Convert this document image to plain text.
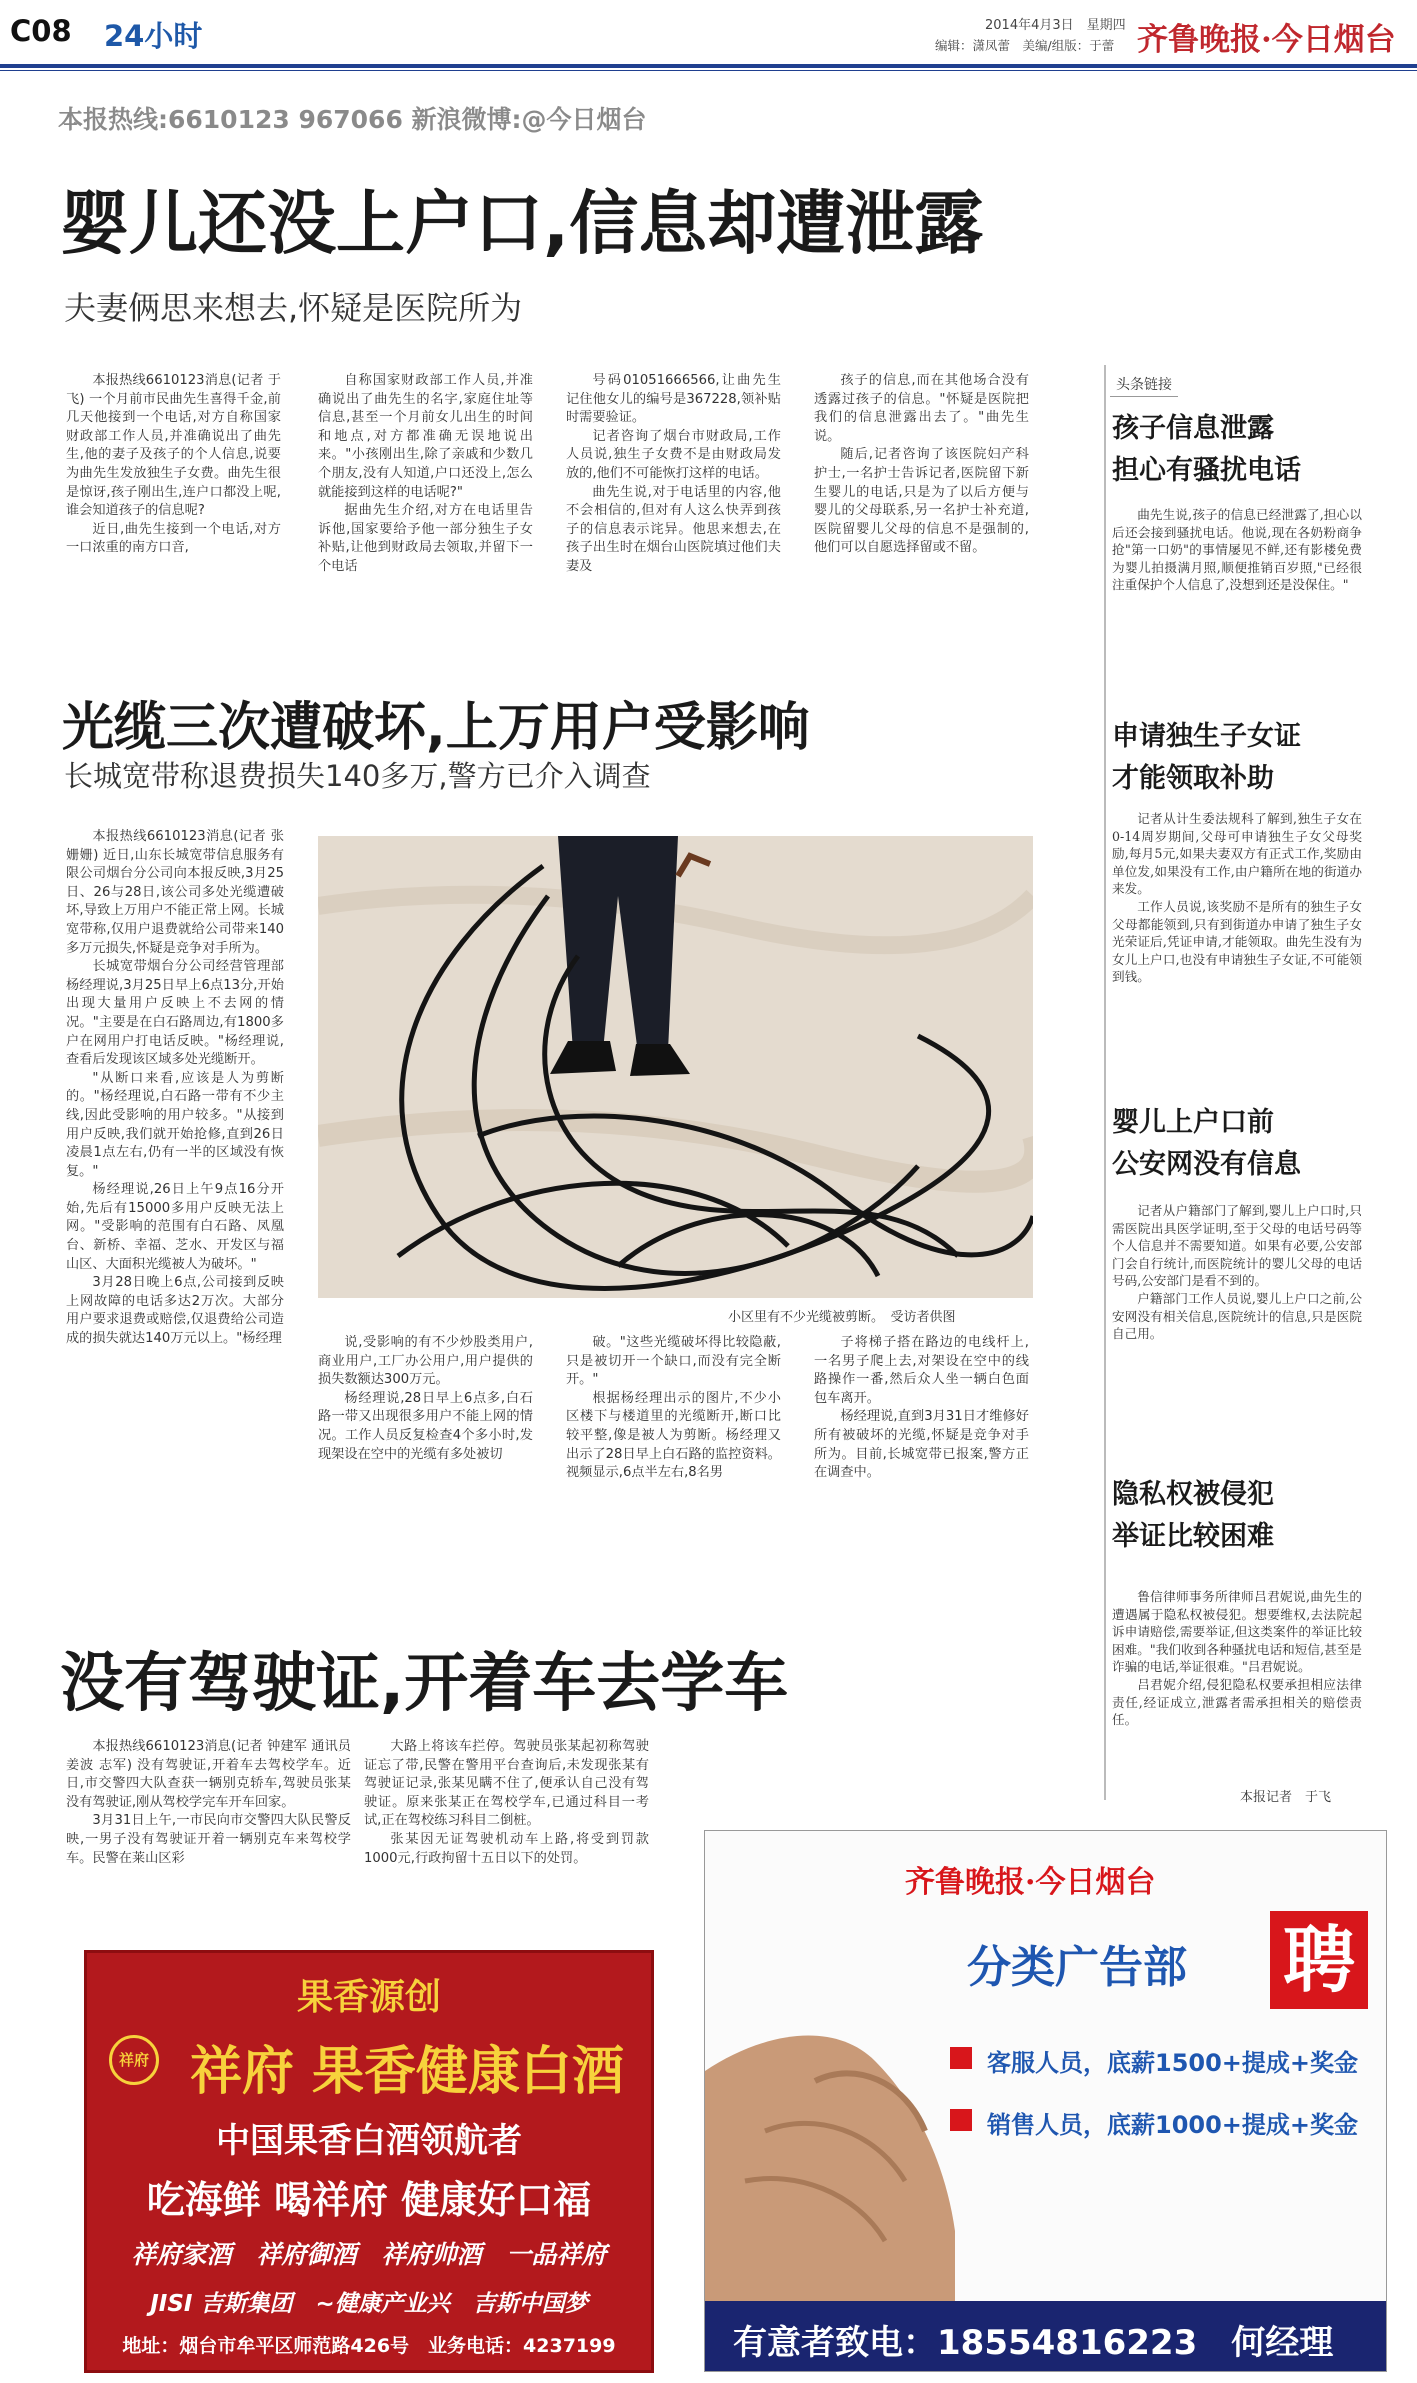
C08 24小时	2014年4月3日　星期四
编辑：潇凤蕾　美编/组版：于蕾 齐鲁晚报·今日烟台
本报热线:6610123 967066 新浪微博:@今日烟台
婴儿还没上户口,信息却遭泄露
夫妻俩思来想去,怀疑是医院所为

本报热线6610123消息(记者 于飞) 一个月前市民曲先生喜得千金,前几天他接到一个电话,对方自称国家财政部工作人员,并准确说出了曲先生,他的妻子及孩子的个人信息,说要为曲先生发放独生子女费。曲先生很是惊讶,孩子刚出生,连户口都没上呢,谁会知道孩子的信息呢?

近日,曲先生接到一个电话,对方一口浓重的南方口音,

自称国家财政部工作人员,并准确说出了曲先生的名字,家庭住址等信息,甚至一个月前女儿出生的时间和地点,对方都准确无误地说出来。"小孩刚出生,除了亲戚和少数几个朋友,没有人知道,户口还没上,怎么就能接到这样的电话呢?"

据曲先生介绍,对方在电话里告诉他,国家要给予他一部分独生子女补贴,让他到财政局去领取,并留下一个电话

号码01051666566,让曲先生记住他女儿的编号是367228,领补贴时需要验证。

记者咨询了烟台市财政局,工作人员说,独生子女费不是由财政局发放的,他们不可能恢打这样的电话。

曲先生说,对于电话里的内容,他不会相信的,但对有人这么快弄到孩子的信息表示诧异。他思来想去,在孩子出生时在烟台山医院填过他们夫妻及

孩子的信息,而在其他场合没有透露过孩子的信息。"怀疑是医院把我们的信息泄露出去了。"曲先生说。

随后,记者咨询了该医院妇产科护士,一名护士告诉记者,医院留下新生婴儿的电话,只是为了以后方便与婴儿的父母联系,另一名护士补充道,医院留婴儿父母的信息不是强制的,他们可以自愿选择留或不留。

头条链接
孩子信息泄露
担心有骚扰电话

曲先生说,孩子的信息已经泄露了,担心以后还会接到骚扰电话。他说,现在各奶粉商争抢"第一口奶"的事情屡见不鲜,还有影楼免费为婴儿拍摄满月照,顺便推销百岁照,"已经很注重保护个人信息了,没想到还是没保住。"

申请独生子女证
才能领取补助

记者从计生委法规科了解到,独生子女在0-14周岁期间,父母可申请独生子女父母奖励,每月5元,如果夫妻双方有正式工作,奖励由单位发,如果没有工作,由户籍所在地的街道办来发。

工作人员说,该奖励不是所有的独生子女父母都能领到,只有到街道办申请了独生子女光荣证后,凭证申请,才能领取。曲先生没有为女儿上户口,也没有申请独生子女证,不可能领到钱。

婴儿上户口前
公安网没有信息

记者从户籍部门了解到,婴儿上户口时,只需医院出具医学证明,至于父母的电话号码等个人信息并不需要知道。如果有必要,公安部门会自行统计,而医院统计的婴儿父母的电话号码,公安部门是看不到的。

户籍部门工作人员说,婴儿上户口之前,公安网没有相关信息,医院统计的信息,只是医院自己用。

隐私权被侵犯
举证比较困难

鲁信律师事务所律师吕君妮说,曲先生的遭遇属于隐私权被侵犯。想要维权,去法院起诉申请赔偿,需要举证,但这类案件的举证比较困难。"我们收到各种骚扰电话和短信,甚至是诈骗的电话,举证很难。"吕君妮说。

吕君妮介绍,侵犯隐私权要承担相应法律责任,经证成立,泄露者需承担相关的赔偿责任。

本报记者　于飞
光缆三次遭破坏,上万用户受影响
长城宽带称退费损失140多万,警方已介入调查

本报热线6610123消息(记者 张姗姗) 近日,山东长城宽带信息服务有限公司烟台分公司向本报反映,3月25日、26与28日,该公司多处光缆遭破坏,导致上万用户不能正常上网。长城宽带称,仅用户退费就给公司带来140多万元损失,怀疑是竞争对手所为。

长城宽带烟台分公司经营管理部杨经理说,3月25日早上6点13分,开始出现大量用户反映上不去网的情况。"主要是在白石路周边,有1800多户在网用户打电话反映。"杨经理说,查看后发现该区域多处光缆断开。

"从断口来看,应该是人为剪断的。"杨经理说,白石路一带有不少主线,因此受影响的用户较多。"从接到用户反映,我们就开始抢修,直到26日凌晨1点左右,仍有一半的区域没有恢复。"

杨经理说,26日上午9点16分开始,先后有15000多用户反映无法上网。"受影响的范围有白石路、凤凰台、新桥、幸福、芝水、开发区与福山区、大面积光缆被人为破坏。"

3月28日晚上6点,公司接到反映上网故障的电话多达2万次。大部分用户要求退费或赔偿,仅退费给公司造成的损失就达140万元以上。"杨经理

小区里有不少光缆被剪断。　受访者供图

说,受影响的有不少炒股类用户,商业用户,工厂办公用户,用户提供的损失数额达300万元。

杨经理说,28日早上6点多,白石路一带又出现很多用户不能上网的情况。工作人员反复检查4个多小时,发现架设在空中的光缆有多处被切

破。"这些光缆破坏得比较隐蔽,只是被切开一个缺口,而没有完全断开。"

根据杨经理出示的图片,不少小区楼下与楼道里的光缆断开,断口比较平整,像是被人为剪断。杨经理又出示了28日早上白石路的监控资料。视频显示,6点半左右,8名男

子将梯子搭在路边的电线杆上,一名男子爬上去,对架设在空中的线路操作一番,然后众人坐一辆白色面包车离开。

杨经理说,直到3月31日才维修好所有被破坏的光缆,怀疑是竞争对手所为。目前,长城宽带已报案,警方正在调查中。

没有驾驶证,开着车去学车

本报热线6610123消息(记者 钟建军 通讯员 姜波 志军) 没有驾驶证,开着车去驾校学车。近日,市交警四大队查获一辆别克轿车,驾驶员张某没有驾驶证,刚从驾校学完车开车回家。

3月31日上午,一市民向市交警四大队民警反映,一男子没有驾驶证开着一辆别克车来驾校学车。民警在莱山区彩

大路上将该车拦停。驾驶员张某起初称驾驶证忘了带,民警在警用平台查询后,未发现张某有驾驶证记录,张某见瞒不住了,便承认自己没有驾驶证。原来张某正在驾校学车,已通过科目一考试,正在驾校练习科目二倒桩。

张某因无证驾驶机动车上路,将受到罚款1000元,行政拘留十五日以下的处罚。

果香源创
祥府 祥府 果香健康白酒
中国果香白酒领航者
吃海鲜 喝祥府 健康好口福
祥府家酒　祥府御酒　祥府帅酒　一品祥府
JISI 吉斯集团　~健康产业兴　吉斯中国梦
地址：烟台市牟平区师范路426号　业务电话：4237199
齐鲁晚报·今日烟台
分类广告部 聘
客服人员，底薪1500+提成+奖金
销售人员，底薪1000+提成+奖金
有意者致电：18554816223　何经理
